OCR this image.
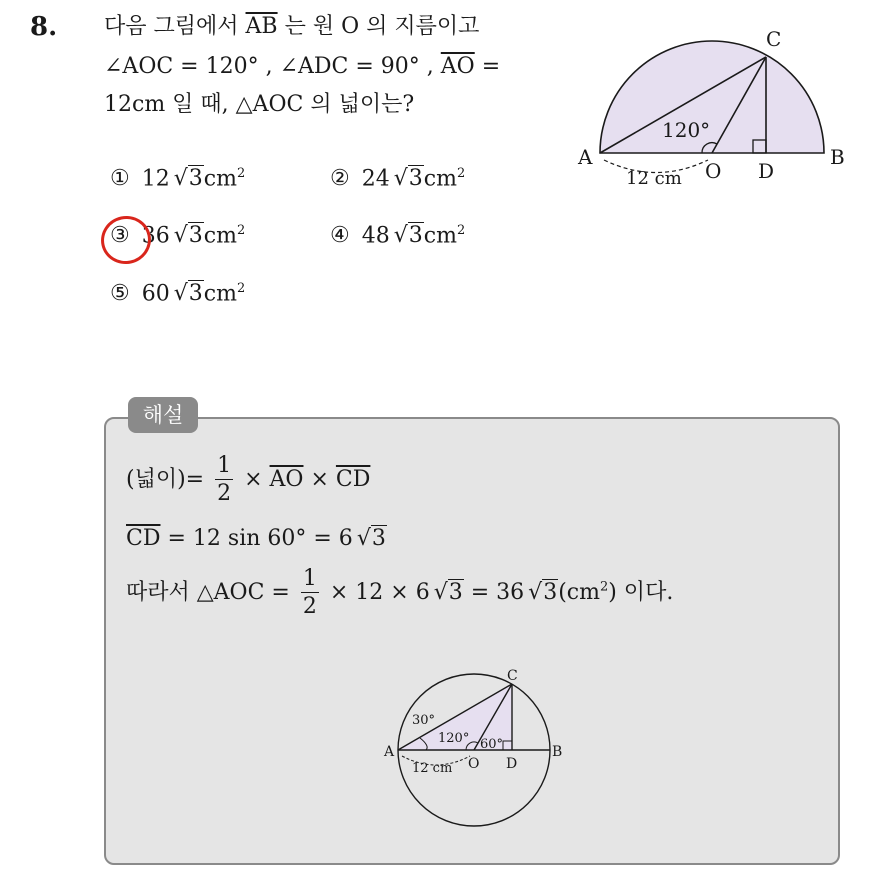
8. 다음 그림에서 $\overline{AB}$ 는 원 O 의 지름이고
∠AOC = 120° , ∠ADC = 90° , $\overline{AO}$ =
12cm 일 때, △AOC 의 넓이는?
① 12 $√3cm^2$	② 24 $√3cm^2$
③ 36 $√3cm^2$	④ 48 $√3cm^2$
⑤ 60 $√3cm^2$
A	B
C
D
O
120°
12 cm
해설
(넓이)= $\frac{1}{2} \times \overline{AO} \times \overline{CD}$
$\overline{CD} = 12$ sin 60° = 6 √3
따라서 △AOC = $\frac{1}{2} \times 12 \times 6$ √3 = 36 $√3(cm^2)$ 이다.
A	B
C
D
O
30°
120° 60°
12 cm
